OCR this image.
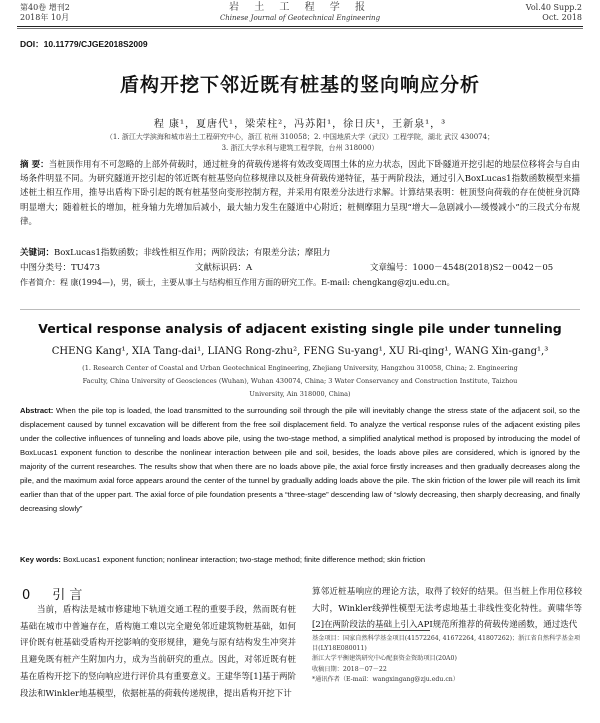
第40卷 增刊2
2018年 10月
岩 土 工 程 学 报
Chinese Journal of Geotechnical Engineering
Vol.40 Supp.2
Oct. 2018
DOI：10.11779/CJGE2018S2009
盾构开挖下邻近既有桩基的竖向响应分析
程 康¹，夏唐代¹，梁荣柱²，冯苏阳¹，徐日庆¹，王新泉¹，³
（1. 浙江大学滨海和城市岩土工程研究中心，浙江 杭州 310058；2. 中国地质大学（武汉）工程学院，湖北 武汉 430074；
3. 浙江大学水利与建筑工程学院，台州 318000）
摘 要：当桩顶作用有不可忽略的上部外荷载时，通过桩身的荷载传递将有效改变周围土体的应力状态，因此下卧隧道开挖引起的地层位移将会与自由场条件明显不同。为研究隧道开挖引起的邻近既有桩基竖向位移规律以及桩身荷载传递特征，基于两阶段法，通过引入BoxLucas1指数函数模型来描述桩土相互作用，推导出盾构下卧引起的既有桩基竖向变形控制方程，并采用有限差分法进行求解。计算结果表明：桩顶竖向荷载的存在使桩身沉降明显增大；随着桩长的增加，桩身轴力先增加后减小，最大轴力发生在隧道中心附近；桩侧摩阻力呈现“增大—急剧减小—缓慢减小”的三段式分布规律。
关键词：BoxLucas1指数函数；非线性相互作用；两阶段法；有限差分法；摩阻力
中图分类号：TU473	文献标识码：A	文章编号：1000－4548(2018)S2－0042－05
作者简介：程 康(1994—)，男，硕士，主要从事土与结构相互作用方面的研究工作。E-mail: chengkang@zju.edu.cn。
Vertical response analysis of adjacent existing single pile under tunneling
CHENG Kang¹, XIA Tang-dai¹, LIANG Rong-zhu², FENG Su-yang¹, XU Ri-qing¹, WANG Xin-gang¹,³
(1. Research Center of Coastal and Urban Geotechnical Engineering, Zhejiang University, Hangzhou 310058, China; 2. Engineering
Faculty, China University of Geosciences (Wuhan), Wuhan 430074, China; 3 Water Conservancy and Construction Institute, Taizhou
University, Ain 318000, China)
Abstract: When the pile top is loaded, the load transmitted to the surrounding soil through the pile will inevitably change the stress state of the adjacent soil, so the displacement caused by tunnel excavation will be different from the free soil displacement field. To analyze the vertical response rules of the adjacent existing piles under the collective influences of tunneling and loads above pile, using the two-stage method, a simplified analytical method is proposed by introducing the model of BoxLucas1 exponent function to describe the nonlinear interaction between pile and soil, besides, the loads above piles are considered, which is ignored by the majority of the current researches. The results show that when there are no loads above pile, the axial force firstly increases and then gradually decreases along the pile, and the maximum axial force appears around the center of the tunnel by gradually adding loads above the pile. The skin friction of the lower pile will reach its limit earlier than that of the upper part. The axial force of pile foundation presents a “three-stage” descending law of “slowly decreasing, then sharply decreasing, and finally decreasing slowly”
Key words: BoxLucas1 exponent function; nonlinear interaction; two-stage method; finite difference method; skin friction
0 引 言
当前，盾构法是城市修建地下轨道交通工程的重要手段，然而既有桩基础在城市中普遍存在，盾构施工难以完全避免邻近建筑物桩基础，如何评价既有桩基础受盾构开挖影响的变形规律，避免与原有结构发生冲突并且避免既有桩产生附加内力，成为当前研究的重点。因此，对邻近既有桩基在盾构开挖下的竖向响应进行评价具有重要意义。王建华等[1]基于两阶段法和Winkler地基模型，依据桩基的荷载传递规律，提出盾构开挖下计
算邻近桩基响应的理论方法，取得了较好的结果。但当桩上作用位移较大时，Winkler线弹性模型无法考虑地基土非线性变化特性。黄啸华等[2]在两阶段法的基础上引入API规范所推荐的荷载传递函数，通过迭代
基金项目：国家自然科学基金项目(41572264, 41672264, 41807262)；浙江省自然科学基金项目(LY18E080011)
浙江大学平衡建筑研究中心配套资金资助项目(20A0)
收稿日期：2018－07－22
*通讯作者（E-mail：wangxingang@zju.edu.cn）
